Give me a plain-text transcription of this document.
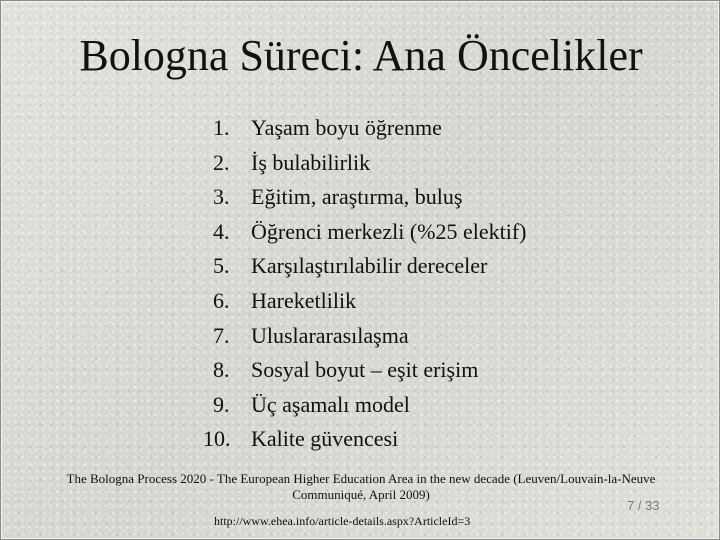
Bologna Süreci: Ana Öncelikler
1. Yaşam boyu öğrenme
2. İş bulabilirlik
3. Eğitim, araştırma, buluş
4. Öğrenci merkezli (%25 elektif)
5. Karşılaştırılabilir dereceler
6. Hareketlilik
7. Uluslararasılaşma
8. Sosyal boyut – eşit erişim
9. Üç aşamalı model
10. Kalite güvencesi
The Bologna Process 2020 - The European Higher Education Area in the new decade (Leuven/Louvain-la-Neuve
Communiqué, April 2009)
http://www.ehea.info/article-details.aspx?ArticleId=3
7 / 33
